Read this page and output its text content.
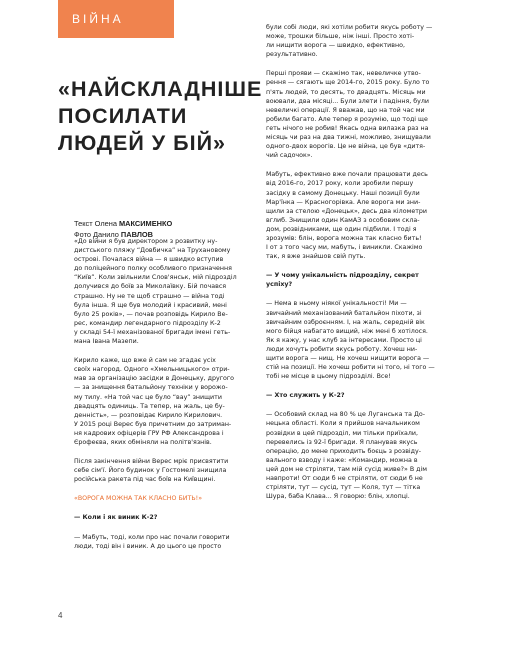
ВІЙНА
«НАЙСКЛАДНІШЕ
ПОСИЛАТИ
ЛЮДЕЙ У БІЙ»
Текст Олена МАКСИМЕНКО
Фото Данило ПАВЛОВ
«До війни я був директором з розвитку ну-
дистського пляжу “Довбичка” на Трухановому
острові. Почалася війна — я швидко вступив
до поліцейного полку особливого призначення
“Київ”. Коли звільнили Слов'янськ, мій підрозділ
долучився до боїв за Миколаївку. Бій почався
страшно. Ну не те щоб страшно — війна тоді
була інша. Я ще був молодий і красивий, мені
було 25 років», — почав розповідь Кирило Ве-
рес, командир легендарного підрозділу К-2
у складі 54-ї механізованої бригади імені геть-
мана Івана Мазепи.
Кирило каже, що вже й сам не згадає усіх
своїх нагород. Одного «Хмельницького» отри-
мав за організацію засідки в Донецьку, другого
— за знищення батальйону техніки у ворожо-
му тилу. «На той час це було “вау” знищити
двадцять одиниць. Та тепер, на жаль, це бу-
денність», — розповідає Кирило Кирилович.
У 2015 році Верес був причетним до затриман-
ня кадрових офіцерів ГРУ РФ Александрова і
Єрофеєва, яких обміняли на політв'язнів.
Після закінчення війни Верес мріє присвятити
себе сім'ї. Його будинок у Гостомелі знищила
російська ракета під час боїв на Київщині.
«ВОРОГА МОЖНА ТАК КЛАСНО БИТЬ!»
— Коли і як виник К-2?
— Мабуть, тоді, коли про нас почали говорити
люди, тоді він і виник. А до цього це просто
були собі люди, які хотіли робити якусь роботу —
може, трошки більше, ніж інші. Просто хоті-
ли нищити ворога — швидко, ефективно,
результативно.
Перші прояви — скажімо так, невеличке утво-
рення — сягають ще 2014-го, 2015 року. Було то
п'ять людей, то десять, то двадцять. Місяць ми
воювали, два місяці... Були злети і падіння, були
невеличкі операції. Я вважав, що на той час ми
робили багато. Але тепер я розумію, що тоді ще
геть нічого не робив! Якась одна вилазка раз на
місяць чи раз на два тижні, можливо, знищували
одного-двох ворогів. Це не війна, це був «дитя-
чий садочок».
Мабуть, ефективно вже почали працювати десь
від 2016-го, 2017 року, коли зробили першу
засідку в самому Донецьку. Наші позиції були
Мар'їнка — Красногорівка. Але ворога ми зни-
щили за стелою «Донецьк», десь два кілометри
вглиб. Знищили один КамАЗ з особовим скла-
дом, розвідниками, ще один підбили. І тоді я
зрозумів: блін, ворога можна так класно бить!
І от з того часу ми, мабуть, і виникли. Скажімо
так, я вже знайшов свій путь.
— У чому унікальність підрозділу, секрет
успіху?
— Нема в ньому ніякої унікальності! Ми —
звичайний механізований батальйон піхоти, зі
звичайним озброєнням. І, на жаль, середній вік
мого бійця набагато вищий, ніж мені б хотілося.
Як я кажу, у нас клуб за інтересами. Просто ці
люди хочуть робити якусь роботу. Хочеш ни-
щити ворога — нищ. Не хочеш нищити ворога —
стій на позиції. Не хочеш робити ні того, ні того —
тобі не місце в цьому підрозділі. Все!
— Хто служить у К-2?
— Особовий склад на 80 % це Луганська та До-
нецька області. Коли я прийшов начальником
розвідки в цей підрозділ, ми тільки приїхали,
перевелись із 92-ї бригади. Я планував якусь
операцію, до мене приходить боєць з розвіду-
вального взводу і каже: «Командир, можна в
цей дом не стріляти, там мій сусід живе?» В дім
навпроти! От сюди б не стріляти, от сюди б не
стріляти, тут — сусід, тут — Коля, тут — тітка
Шура, баба Клава... Я говорю: блін, хлопці.
4
